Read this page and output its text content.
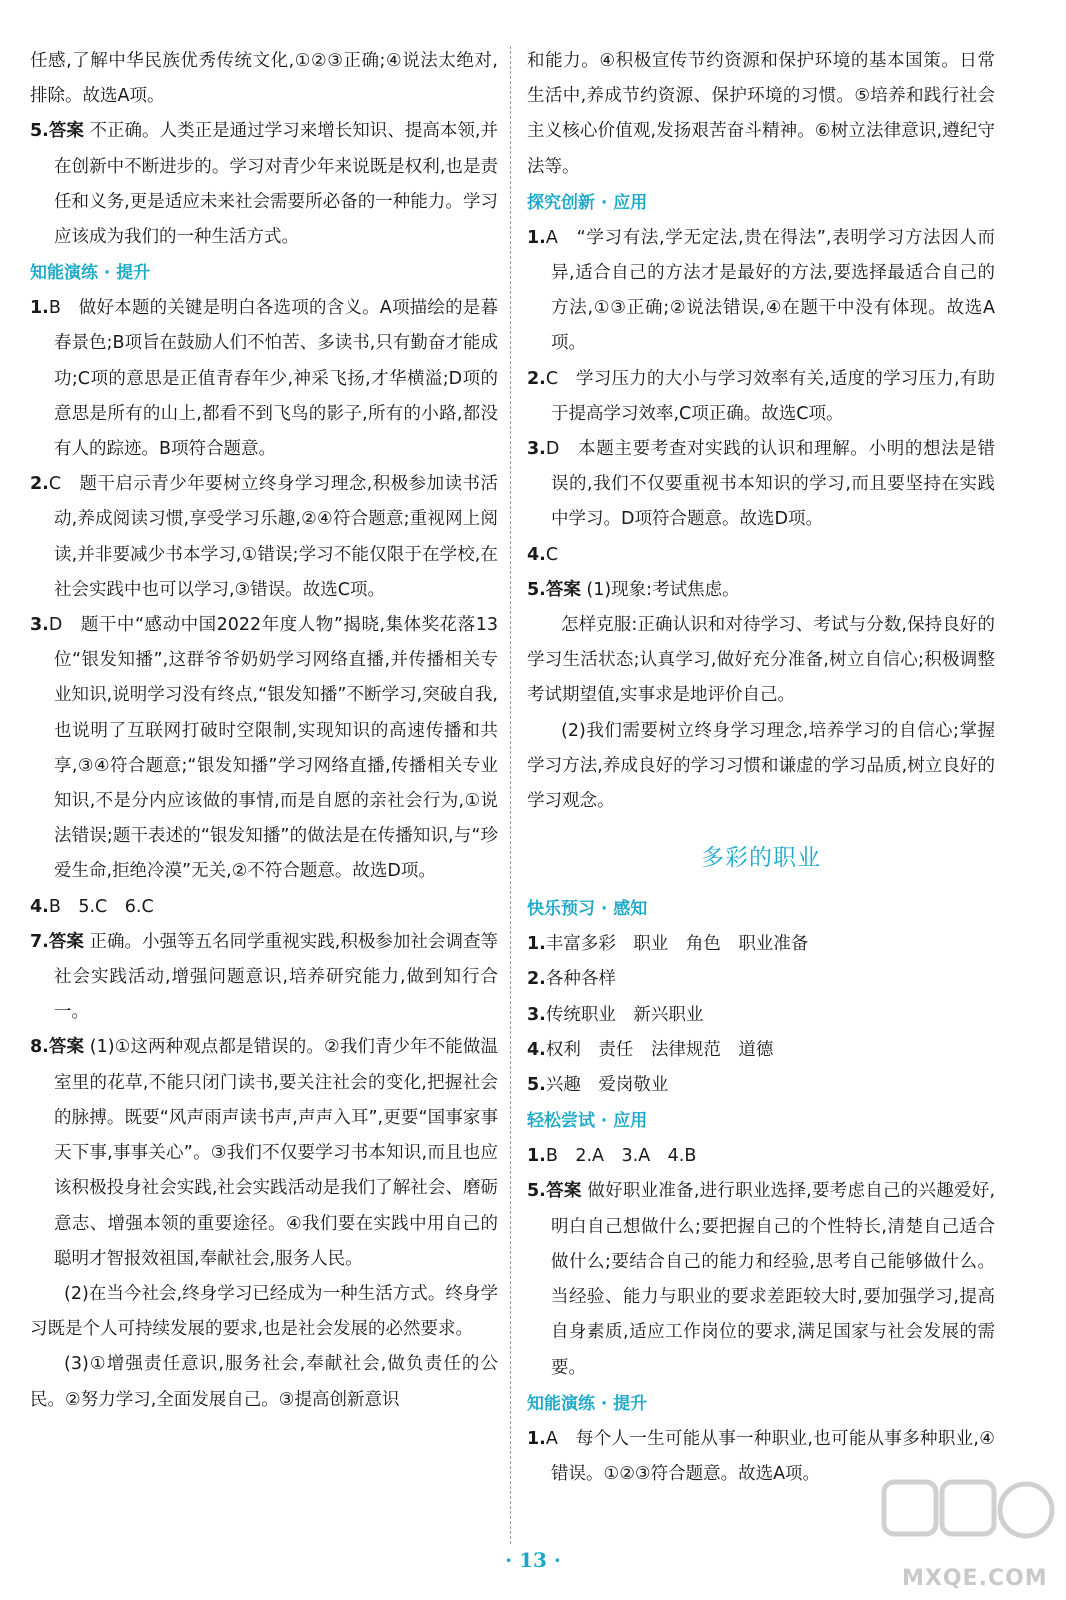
任感,了解中华民族优秀传统文化,①②③正确;④说法太绝对,排除。故选A项。
5.答案 不正确。人类正是通过学习来增长知识、提高本领,并在创新中不断进步的。学习对青少年来说既是权利,也是责任和义务,更是适应未来社会需要所必备的一种能力。学习应该成为我们的一种生活方式。
知能演练 · 提升
1.B　做好本题的关键是明白各选项的含义。A项描绘的是暮春景色;B项旨在鼓励人们不怕苦、多读书,只有勤奋才能成功;C项的意思是正值青春年少,神采飞扬,才华横溢;D项的意思是所有的山上,都看不到飞鸟的影子,所有的小路,都没有人的踪迹。B项符合题意。
2.C　题干启示青少年要树立终身学习理念,积极参加读书活动,养成阅读习惯,享受学习乐趣,②④符合题意;重视网上阅读,并非要减少书本学习,①错误;学习不能仅限于在学校,在社会实践中也可以学习,③错误。故选C项。
3.D　题干中“感动中国2022年度人物”揭晓,集体奖花落13位“银发知播”,这群爷爷奶奶学习网络直播,并传播相关专业知识,说明学习没有终点,“银发知播”不断学习,突破自我,也说明了互联网打破时空限制,实现知识的高速传播和共享,③④符合题意;“银发知播”学习网络直播,传播相关专业知识,不是分内应该做的事情,而是自愿的亲社会行为,①说法错误;题干表述的“银发知播”的做法是在传播知识,与“珍爱生命,拒绝冷漠”无关,②不符合题意。故选D项。
4.B　5.C　6.C
7.答案 正确。小强等五名同学重视实践,积极参加社会调查等社会实践活动,增强问题意识,培养研究能力,做到知行合一。
8.答案 (1)①这两种观点都是错误的。②我们青少年不能做温室里的花草,不能只闭门读书,要关注社会的变化,把握社会的脉搏。既要“风声雨声读书声,声声入耳”,更要“国事家事天下事,事事关心”。③我们不仅要学习书本知识,而且也应该积极投身社会实践,社会实践活动是我们了解社会、磨砺意志、增强本领的重要途径。④我们要在实践中用自己的聪明才智报效祖国,奉献社会,服务人民。
(2)在当今社会,终身学习已经成为一种生活方式。终身学习既是个人可持续发展的要求,也是社会发展的必然要求。
(3)①增强责任意识,服务社会,奉献社会,做负责任的公民。②努力学习,全面发展自己。③提高创新意识
和能力。④积极宣传节约资源和保护环境的基本国策。日常生活中,养成节约资源、保护环境的习惯。⑤培养和践行社会主义核心价值观,发扬艰苦奋斗精神。⑥树立法律意识,遵纪守法等。
探究创新 · 应用
1.A　“学习有法,学无定法,贵在得法”,表明学习方法因人而异,适合自己的方法才是最好的方法,要选择最适合自己的方法,①③正确;②说法错误,④在题干中没有体现。故选A项。
2.C　学习压力的大小与学习效率有关,适度的学习压力,有助于提高学习效率,C项正确。故选C项。
3.D　本题主要考查对实践的认识和理解。小明的想法是错误的,我们不仅要重视书本知识的学习,而且要坚持在实践中学习。D项符合题意。故选D项。
4.C
5.答案 (1)现象:考试焦虑。
怎样克服:正确认识和对待学习、考试与分数,保持良好的学习生活状态;认真学习,做好充分准备,树立自信心;积极调整考试期望值,实事求是地评价自己。
(2)我们需要树立终身学习理念,培养学习的自信心;掌握学习方法,养成良好的学习习惯和谦虚的学习品质,树立良好的学习观念。
多彩的职业
快乐预习 · 感知
1.丰富多彩　职业　角色　职业准备
2.各种各样
3.传统职业　新兴职业
4.权利　责任　法律规范　道德
5.兴趣　爱岗敬业
轻松尝试 · 应用
1.B　2.A　3.A　4.B
5.答案 做好职业准备,进行职业选择,要考虑自己的兴趣爱好,明白自己想做什么;要把握自己的个性特长,清楚自己适合做什么;要结合自己的能力和经验,思考自己能够做什么。当经验、能力与职业的要求差距较大时,要加强学习,提高自身素质,适应工作岗位的要求,满足国家与社会发展的需要。
知能演练 · 提升
1.A　每个人一生可能从事一种职业,也可能从事多种职业,④错误。①②③符合题意。故选A项。
· 13 ·
MXQE.COM
